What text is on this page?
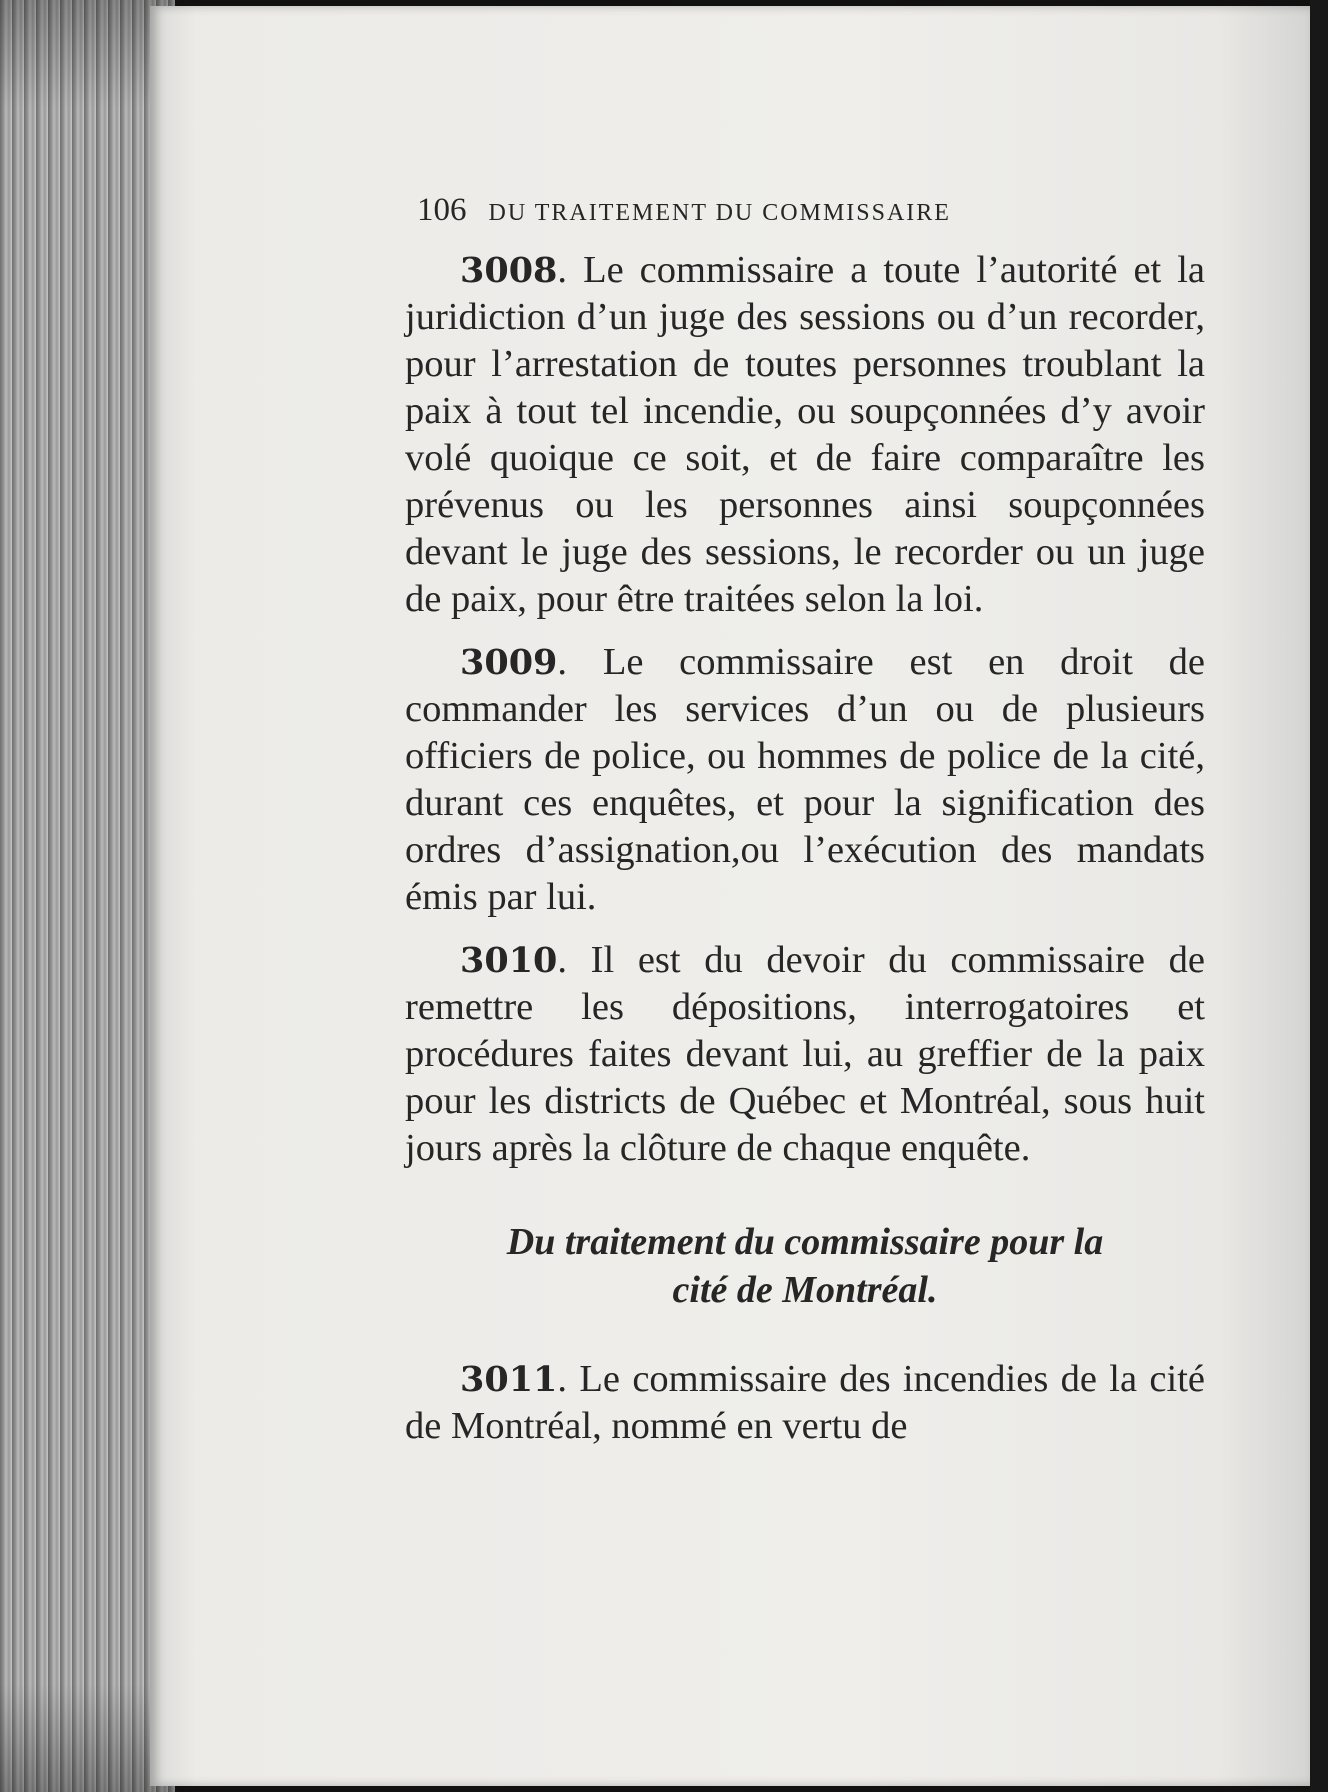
106 DU TRAITEMENT DU COMMISSAIRE

3008. Le commissaire a toute l’autorité et la juridiction d’un juge des sessions ou d’un recorder, pour l’arrestation de toutes personnes troublant la paix à tout tel incendie, ou soupçonnées d’y avoir volé quoique ce soit, et de faire comparaître les prévenus ou les personnes ainsi soupçonnées devant le juge des sessions, le recorder ou un juge de paix, pour être traitées selon la loi.

3009. Le commissaire est en droit de commander les services d’un ou de plusieurs officiers de police, ou hommes de police de la cité, durant ces enquêtes, et pour la signification des ordres d’assignation,ou l’exécution des mandats émis par lui.

3010. Il est du devoir du commissaire de remettre les dépositions, interrogatoires et procédures faites devant lui, au greffier de la paix pour les districts de Québec et Montréal, sous huit jours après la clôture de chaque enquête.

Du traitement du commissaire pour la
cité de Montréal.

3011. Le commissaire des incendies de la cité de Montréal, nommé en vertu de
